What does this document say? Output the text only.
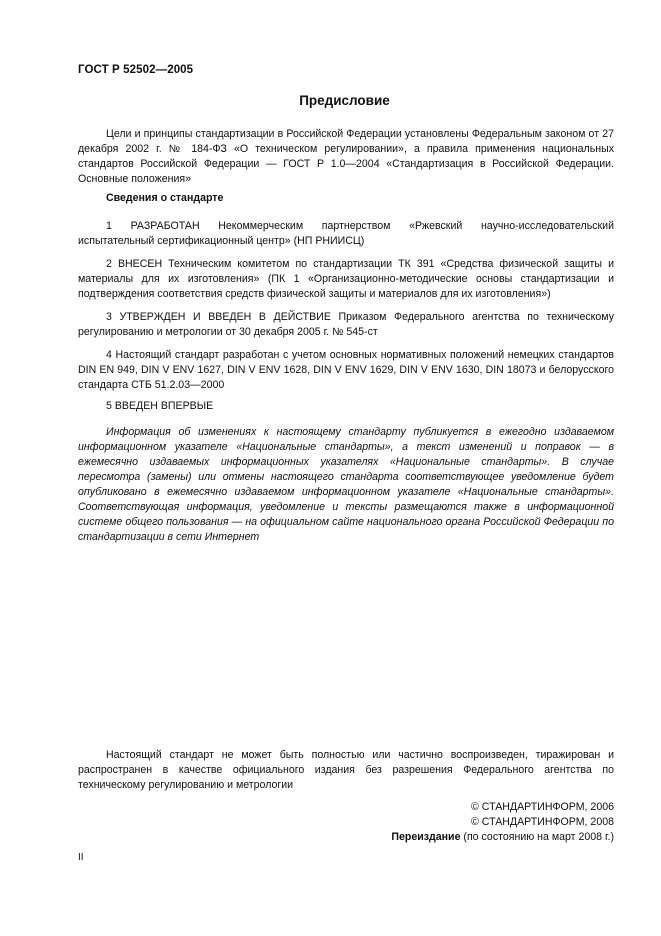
ГОСТ Р 52502—2005
Предисловие
Цели и принципы стандартизации в Российской Федерации установлены Федеральным законом от 27 декабря 2002 г. № 184-ФЗ «О техническом регулировании», а правила применения национальных стандартов Российской Федерации — ГОСТ Р 1.0—2004 «Стандартизация в Российской Федерации. Основные положения»
Сведения о стандарте
1 РАЗРАБОТАН Некоммерческим партнерством «Ржевский научно-исследовательский испытательный сертификационный центр» (НП РНИИСЦ)
2 ВНЕСЕН Техническим комитетом по стандартизации ТК 391 «Средства физической защиты и материалы для их изготовления» (ПК 1 «Организационно-методические основы стандартизации и подтверждения соответствия средств физической защиты и материалов для их изготовления»)
3 УТВЕРЖДЕН И ВВЕДЕН В ДЕЙСТВИЕ Приказом Федерального агентства по техническому регулированию и метрологии от 30 декабря 2005 г. № 545-ст
4 Настоящий стандарт разработан с учетом основных нормативных положений немецких стандартов DIN EN 949, DIN V ENV 1627, DIN V ENV 1628, DIN V ENV 1629, DIN V ENV 1630, DIN 18073 и белорусского стандарта СТБ 51.2.03—2000
5 ВВЕДЕН ВПЕРВЫЕ
Информация об изменениях к настоящему стандарту публикуется в ежегодно издаваемом информационном указателе «Национальные стандарты», а текст изменений и поправок — в ежемесячно издаваемых информационных указателях «Национальные стандарты». В случае пересмотра (замены) или отмены настоящего стандарта соответствующее уведомление будет опубликовано в ежемесячно издаваемом информационном указателе «Национальные стандарты». Соответствующая информация, уведомление и тексты размещаются также в информационной системе общего пользования — на официальном сайте национального органа Российской Федерации по стандартизации в сети Интернет
Настоящий стандарт не может быть полностью или частично воспроизведен, тиражирован и распространен в качестве официального издания без разрешения Федерального агентства по техническому регулированию и метрологии
© СТАНДАРТИНФОРМ, 2006
© СТАНДАРТИНФОРМ, 2008
Переиздание (по состоянию на март 2008 г.)
II
